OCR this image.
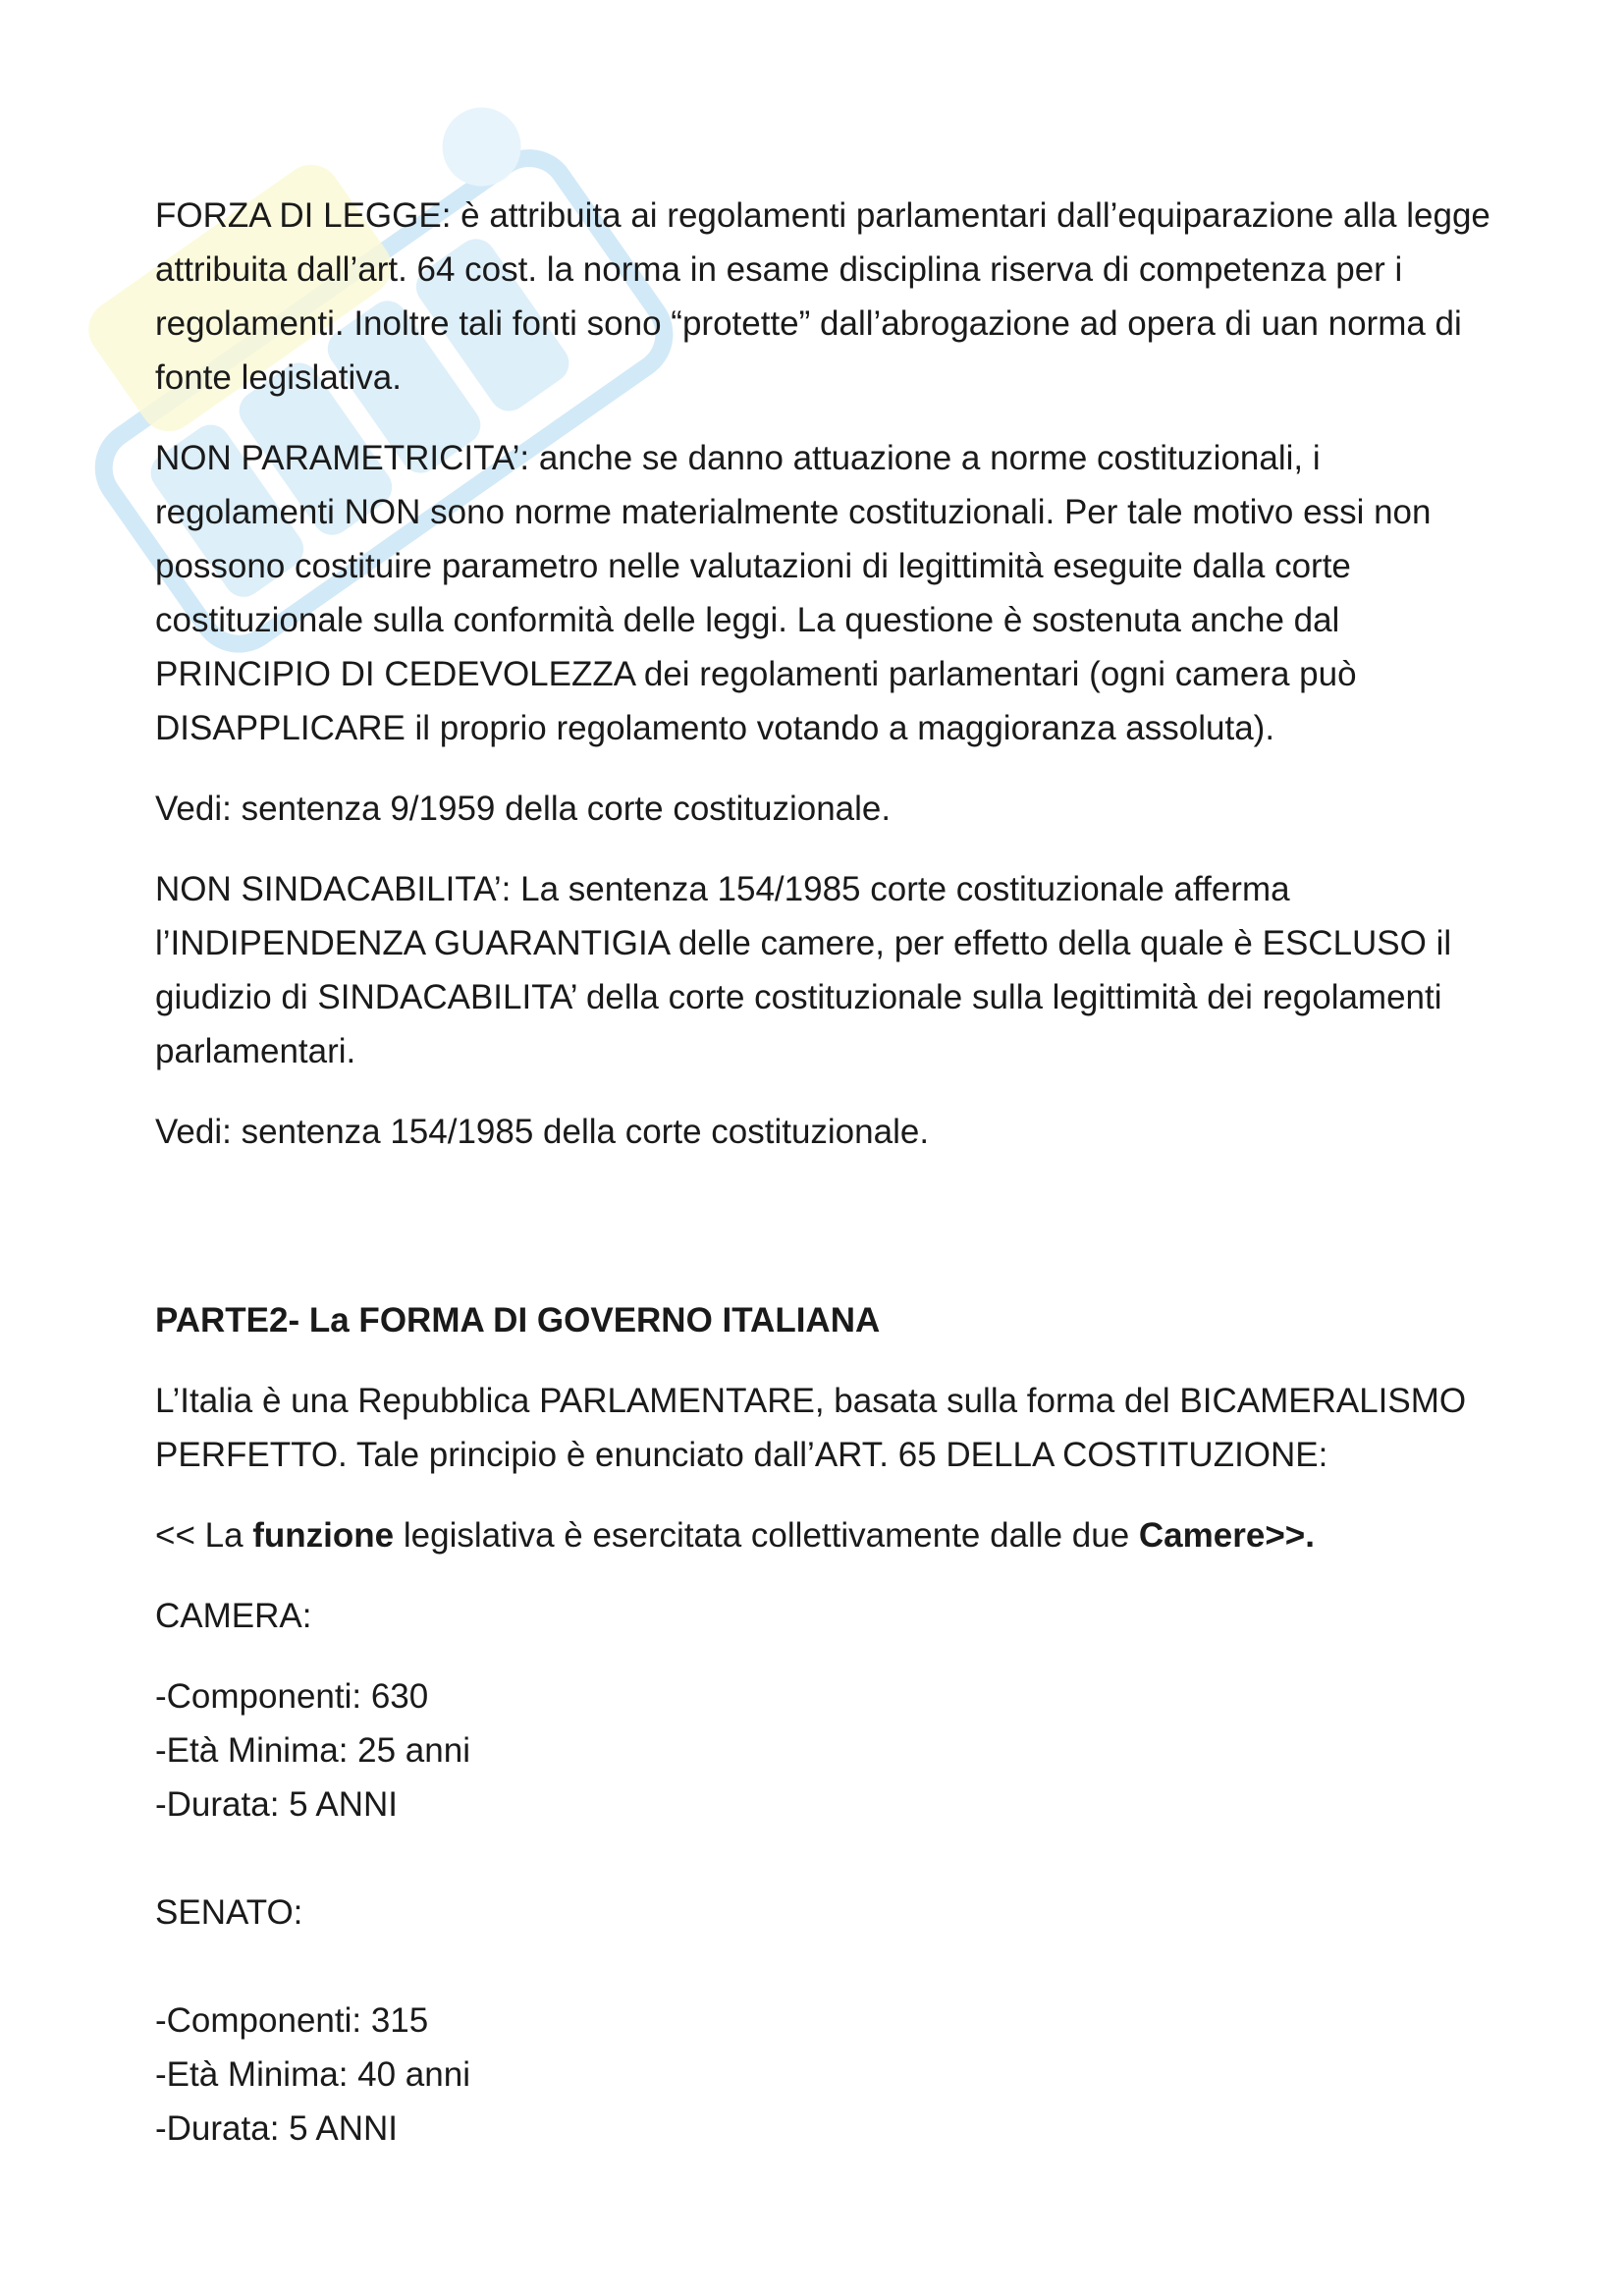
FORZA DI LEGGE: è attribuita ai regolamenti parlamentari dall’equiparazione alla legge attribuita dall’art. 64 cost. la norma in esame disciplina riserva di competenza per i regolamenti. Inoltre tali fonti sono “protette” dall’abrogazione ad opera di uan norma di fonte legislativa.

NON PARAMETRICITA’: anche se danno attuazione a norme costituzionali, i regolamenti NON sono norme materialmente costituzionali. Per tale motivo essi non possono costituire parametro nelle valutazioni di legittimità eseguite dalla corte costituzionale sulla conformità delle leggi. La questione è sostenuta anche dal PRINCIPIO DI CEDEVOLEZZA dei regolamenti parlamentari (ogni camera può DISAPPLICARE il proprio regolamento votando a maggioranza assoluta).

Vedi: sentenza 9/1959 della corte costituzionale.

NON SINDACABILITA’: La sentenza 154/1985 corte costituzionale afferma l’INDIPENDENZA GUARANTIGIA delle camere, per effetto della quale è ESCLUSO il giudizio di SINDACABILITA’ della corte costituzionale sulla legittimità dei regolamenti parlamentari.

Vedi: sentenza 154/1985 della corte costituzionale.

PARTE2- La FORMA DI GOVERNO ITALIANA

L’Italia è una Repubblica PARLAMENTARE, basata sulla forma del BICAMERALISMO PERFETTO. Tale principio è enunciato dall’ART. 65 DELLA COSTITUZIONE:

<< La funzione legislativa è esercitata collettivamente dalle due Camere>>.

CAMERA:

-Componenti: 630
-Età Minima: 25 anni
-Durata: 5 ANNI

SENATO:

-Componenti: 315
-Età Minima: 40 anni
-Durata: 5 ANNI
